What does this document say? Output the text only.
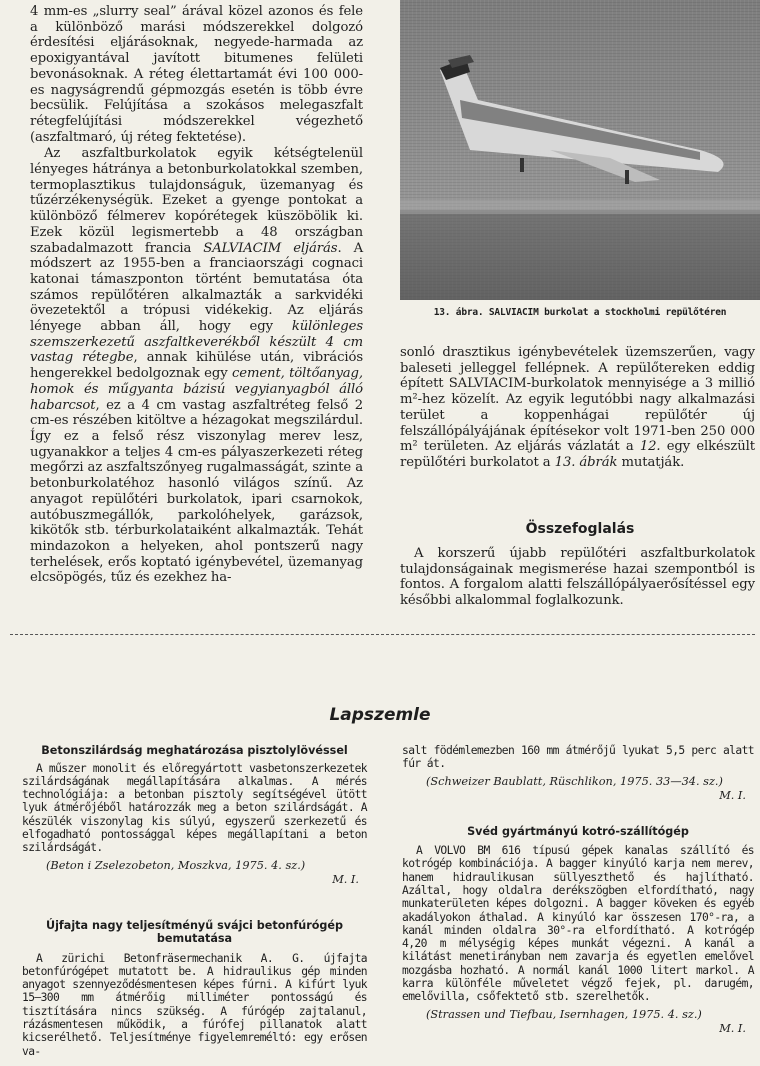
4 mm-es „slurry seal” árával közel azonos és fele a különböző marási módszerekkel dolgozó érdesítési eljárásoknak, negyede-harmada az epoxigyantával javított bitumenes felületi bevonásoknak. A réteg élettartamát évi 100 000-es nagyságrendű gépmozgás esetén is több évre becsülik. Felújítása a szokásos melegaszfalt rétegfelújítási módszerekkel végezhető (aszfaltmaró, új réteg fektetése).

Az aszfaltburkolatok egyik kétségtelenül lényeges hátránya a betonburkolatokkal szemben, termoplasztikus tulajdonságuk, üzemanyag és tűzérzékenységük. Ezeket a gyenge pontokat a különböző félmerev kopórétegek küszöbölik ki. Ezek közül legismertebb a 48 országban szabadalmazott francia SALVIACIM eljárás. A módszert az 1955-ben a franciaországi cognaci katonai támaszponton történt bemutatása óta számos repülőtéren alkalmazták a sarkvidéki övezetektől a trópusi vidékekig. Az eljárás lényege abban áll, hogy egy különleges szemszerkezetű aszfaltkeverékből készült 4 cm vastag rétegbe, annak kihülése után, vibrációs hengerekkel bedolgoznak egy cement, töltőanyag, homok és műgyanta bázisú vegyianyagból álló habarcsot, ez a 4 cm vastag aszfaltréteg felső 2 cm-es részében kitöltve a hézagokat megszilárdul. Így ez a felső rész viszonylag merev lesz, ugyanakkor a teljes 4 cm-es pályaszerkezeti réteg megőrzi az aszfaltszőnyeg rugalmasságát, szinte a betonburkolatéhoz hasonló világos színű. Az anyagot repülőtéri burkolatok, ipari csarnokok, autóbuszmegállók, parkolóhelyek, garázsok, kikötők stb. térburkolataiként alkalmazták. Tehát mindazokon a helyeken, ahol pontszerű nagy terhelések, erős koptató igénybevétel, üzemanyag elcsöpögés, tűz és ezekhez ha-

13. ábra. SALVIACIM burkolat a stockholmi repülőtéren

sonló drasztikus igénybevételek üzemszerűen, vagy baleseti jelleggel fellépnek. A repülőtereken eddig épített SALVIACIM-burkolatok mennyisége a 3 millió m²-hez közelít. Az egyik legutóbbi nagy alkalmazási terület a koppenhágai repülőtér új felszállópályájának építésekor volt 1971-ben 250 000 m² területen. Az eljárás vázlatát a 12. egy elkészült repülőtéri burkolatot a 13. ábrák mutatják.

Összefoglalás

A korszerű újabb repülőtéri aszfaltburkolatok tulajdonságainak megismerése hazai szempontból is fontos. A forgalom alatti felszállópályaerősítéssel egy későbbi alkalommal foglalkozunk.

Lapszemle

Betonszilárdság meghatározása pisztolylövéssel

A műszer monolit és előregyártott vasbetonszerkezetek szilárdságának megállapítására alkalmas. A mérés technológiája: a betonban pisztoly segítségével ütött lyuk átmérőjéből határozzák meg a beton szilárdságát. A készülék viszonylag kis súlyú, egyszerű szerkezetű és elfogadható pontossággal képes megállapítani a beton szilárdságát.

(Beton i Zselezobeton, Moszkva, 1975. 4. sz.)

M. I.

Újfajta nagy teljesítményű svájci betonfúrógép bemutatása

A zürichi Betonfräsermechanik A. G. újfajta betonfúrógépet mutatott be. A hidraulikus gép minden anyagot szennyeződésmentesen képes fúrni. A kifúrt lyuk 15—300 mm átmérőig milliméter pontosságú és tisztítására nincs szükség. A fúrógép zajtalanul, rázásmentesen működik, a fúrófej pillanatok alatt kicserélhető. Teljesítménye figyelemreméltó: egy erősen va-

salt födémlemezben 160 mm átmérőjű lyukat 5,5 perc alatt fúr át.

(Schweizer Baublatt, Rüschlikon, 1975. 33—34. sz.)

M. I.

Svéd gyártmányú kotró-szállítógép

A VOLVO BM 616 típusú gépek kanalas szállító és kotrógép kombinációja. A bagger kinyúló karja nem merev, hanem hidraulikusan süllyeszthető és hajlítható. Azáltal, hogy oldalra derékszögben elfordítható, nagy munkaterületen képes dolgozni. A bagger köveken és egyéb akadályokon áthalad. A kinyúló kar összesen 170°-ra, a kanál minden oldalra 30°-ra elfordítható. A kotrógép 4,20 m mélységig képes munkát végezni. A kanál a kilátást menetirányban nem zavarja és egyetlen emelővel mozgásba hozható. A normál kanál 1000 litert markol. A karra különféle műveletet végző fejek, pl. darugém, emelővilla, csőfektető stb. szerelhetők.

(Strassen und Tiefbau, Isernhagen, 1975. 4. sz.)

M. I.
